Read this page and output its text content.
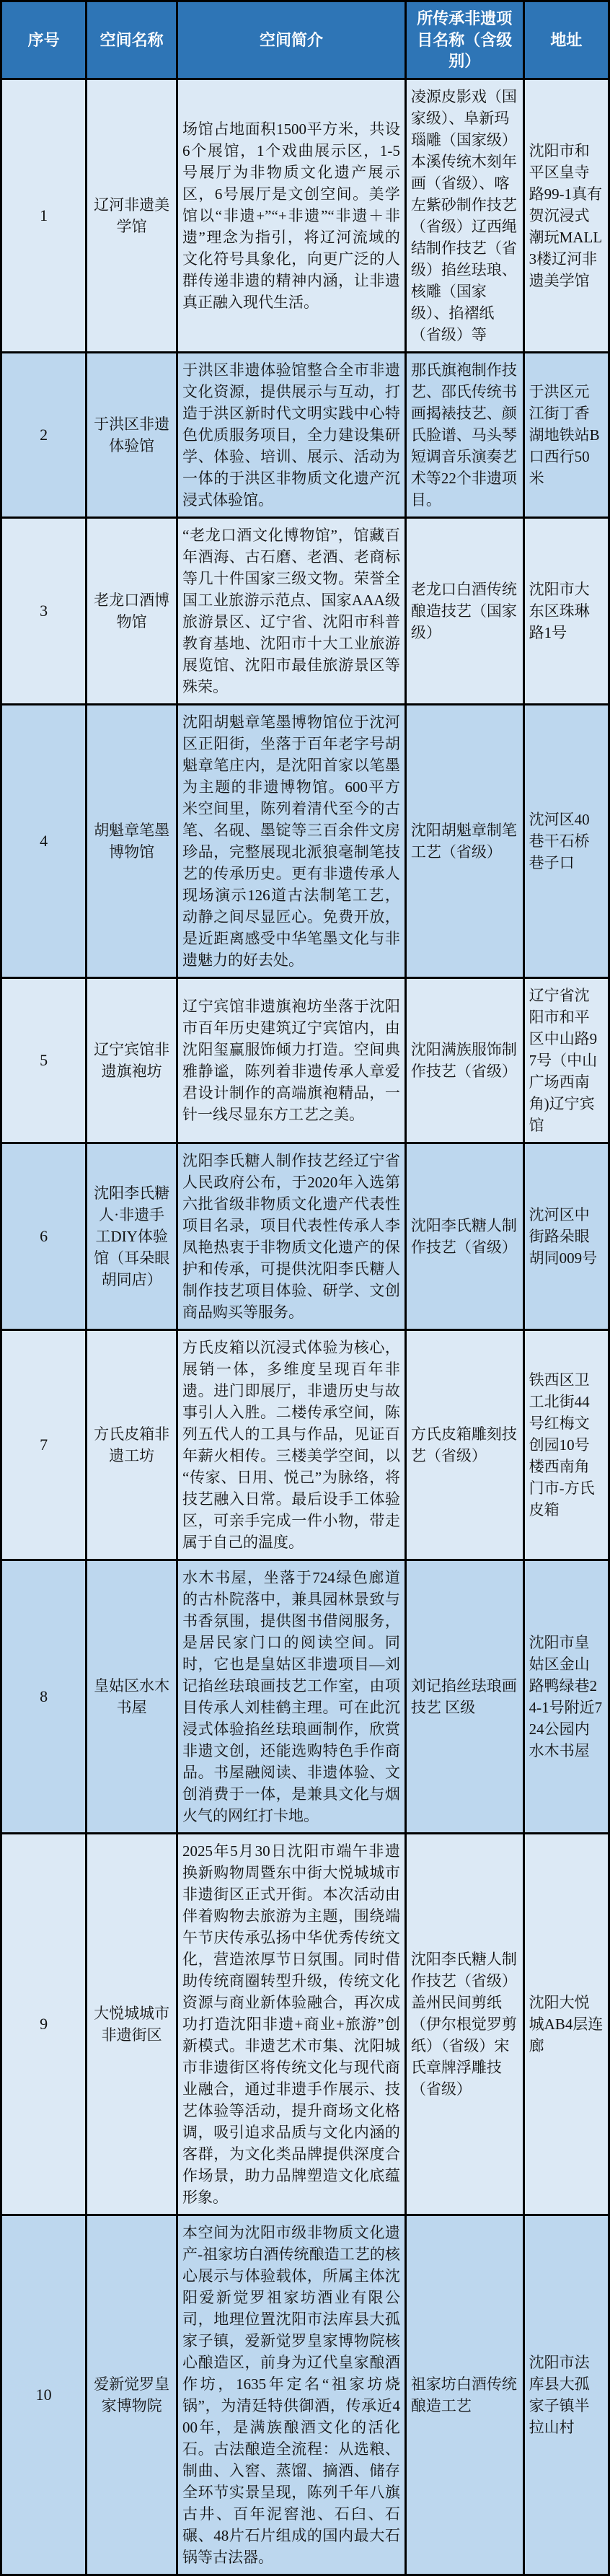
序号	空间名称	空间简介	所传承非遗项目名称（含级别）	地址
1	辽河非遗美学馆	场馆占地面积1500平方米，共设6个展馆，1个戏曲展示区，1-5 号展厅为非物质文化遗产展示区，6号展厅是文创空间。美学馆以“非遗+”“+非遗”“非遗＋非遗”理念为指引，将辽河流域的文化符号具象化，向更广泛的人群传递非遗的精神内涵，让非遗真正融入现代生活。	凌源皮影戏（国家级）、阜新玛瑙雕（国家级）本溪传统木刻年画（省级）、喀左紫砂制作技艺（省级）辽西绳结制作技艺（省级）掐丝珐琅、核雕（国家级）、掐褶纸（省级）等	沈阳市和平区皇寺路99-1真有贺沉浸式潮玩MALL3楼辽河非遗美学馆
2	于洪区非遗体验馆	于洪区非遗体验馆整合全市非遗文化资源，提供展示与互动，打造于洪区新时代文明实践中心特色优质服务项目，全力建设集研学、体验、培训、展示、活动为一体的于洪区非物质文化遗产沉浸式体验馆。	那氏旗袍制作技艺、邵氏传统书画揭裱技艺、颜氏脸谱、马头琴短调音乐演奏艺术等22个非遗项目。	于洪区元江街丁香湖地铁站B口西行50米
3	老龙口酒博物馆	“老龙口酒文化博物馆”，馆藏百年酒海、古石磨、老酒、老商标等几十件国家三级文物。荣誉全国工业旅游示范点、国家AAA级旅游景区、辽宁省、沈阳市科普教育基地、沈阳市十大工业旅游展览馆、沈阳市最佳旅游景区等殊荣。	老龙口白酒传统酿造技艺（国家级）	沈阳市大东区珠琳路1号
4	胡魁章笔墨博物馆	沈阳胡魁章笔墨博物馆位于沈河区正阳街，坐落于百年老字号胡魁章笔庄内，是沈阳首家以笔墨为主题的非遗博物馆。600平方米空间里，陈列着清代至今的古笔、名砚、墨锭等三百余件文房珍品，完整展现北派狼毫制笔技艺的传承历史。更有非遗传承人现场演示126道古法制笔工艺，动静之间尽显匠心。免费开放，是近距离感受中华笔墨文化与非遗魅力的好去处。	沈阳胡魁章制笔工艺（省级）	沈河区40巷干石桥巷子口
5	辽宁宾馆非遗旗袍坊	辽宁宾馆非遗旗袍坊坐落于沈阳市百年历史建筑辽宁宾馆内，由沈阳玺赢服饰倾力打造。空间典雅静谧，陈列着非遗传承人章爱君设计制作的高端旗袍精品，一针一线尽显东方工艺之美。	沈阳满族服饰制作技艺（省级）	辽宁省沈阳市和平区中山路97号（中山广场西南角)辽宁宾馆
6	沈阳李氏糖人·非遗手工DIY体验馆（耳朵眼胡同店）	沈阳李氏糖人制作技艺经辽宁省人民政府公布，于2020年入选第六批省级非物质文化遗产代表性项目名录，项目代表性传承人李凤艳热衷于非物质文化遗产的保护和传承，可提供沈阳李氏糖人制作技艺项目体验、研学、文创商品购买等服务。	沈阳李氏糖人制作技艺（省级）	沈河区中街路朵眼胡同009号
7	方氏皮箱非遗工坊	方氏皮箱以沉浸式体验为核心，展销一体，多维度呈现百年非遗。进门即展厅，非遗历史与故事引人入胜。二楼传承空间，陈列五代人的工具与作品，见证百年薪火相传。三楼美学空间，以“传家、日用、悦己”为脉络，将技艺融入日常。最后设手工体验区，可亲手完成一件小物，带走属于自己的温度。	方氏皮箱雕刻技艺（省级）	铁西区卫工北街44号红梅文创园10号楼西南角门市-方氏皮箱
8	皇姑区水木书屋	水木书屋，坐落于724绿色廊道的古朴院落中，兼具园林景致与书香氛围，提供图书借阅服务，是居民家门口的阅读空间。同时，它也是皇姑区非遗项目—刘记掐丝珐琅画技艺工作室，由项目传承人刘桂鹤主理。可在此沉浸式体验掐丝珐琅画制作，欣赏非遗文创，还能选购特色手作商品。书屋融阅读、非遗体验、文创消费于一体，是兼具文化与烟火气的网红打卡地。	刘记掐丝珐琅画技艺 区级	沈阳市皇姑区金山路鸭绿巷24-1号附近724公园内水木书屋
9	大悦城城市非遗街区	2025年5月30日沈阳市端午非遗换新购物周暨东中街大悦城城市非遗街区正式开街。本次活动由伴着购物去旅游为主题，围绕端午节庆传承弘扬中华优秀传统文化，营造浓厚节日氛围。同时借助传统商圈转型升级，传统文化资源与商业新体验融合，再次成功打造沈阳非遗+商业+旅游”创新模式。非遗艺术市集、沈阳城市非遗街区将传统文化与现代商业融合，通过非遗手作展示、技艺体验等活动，提升商场文化格调，吸引追求品质与文化内涵的客群，为文化类品牌提供深度合作场景，助力品牌塑造文化底蕴形象。	沈阳李氏糖人制作技艺（省级）盖州民间剪纸（伊尔根觉罗剪纸）（省级）宋氏章牌浮雕技（省级）	沈阳大悦城AB4层连廊
10	爱新觉罗皇家博物院	本空间为沈阳市级非物质文化遗产-祖家坊白酒传统酿造工艺的核心展示与体验载体，所属主体沈阳爱新觉罗祖家坊酒业有限公司，地理位置沈阳市法库县大孤家子镇，爱新觉罗皇家博物院核心酿造区，前身为辽代皇家酿酒作坊，1635年定名“祖家坊烧锅”，为清廷特供御酒，传承近400年，是满族酿酒文化的活化石。古法酿造全流程：从选粮、制曲、入窖、蒸馏、摘酒、储存全环节实景呈现，陈列千年八旗古井、百年泥窖池、石臼、石碾、48片石片组成的国内最大石锅等古法器。	祖家坊白酒传统酿造工艺	沈阳市法库县大孤家子镇半拉山村
